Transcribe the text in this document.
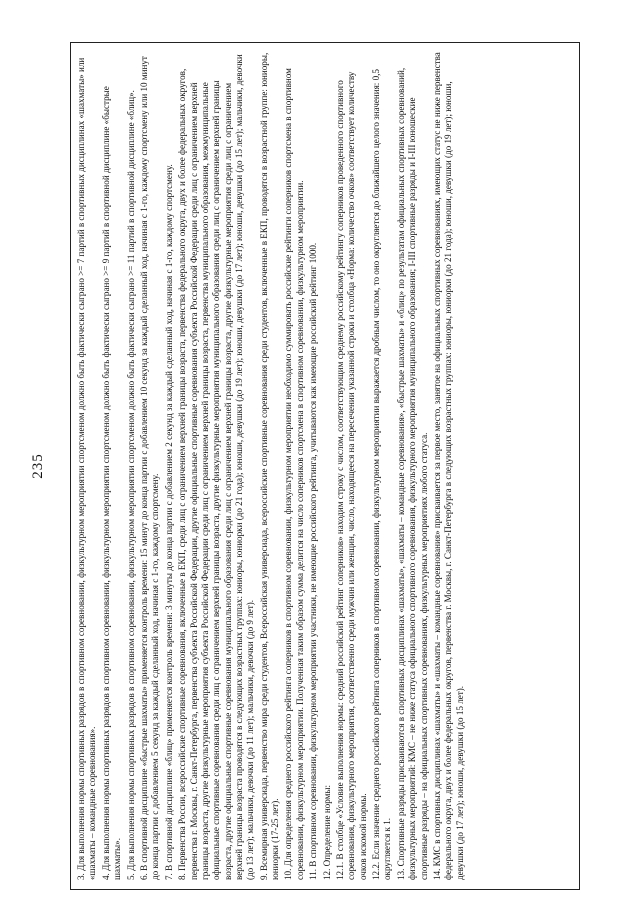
235	3. Для выполнения нормы спортивных разрядов в спортивном соревновании, физкультурном мероприятии спортсменом должно быть фактически сыграно >= 7 партий в спортивных дисциплинах «шахматы» или «шахматы – командные соревнования». 4. Для выполнения нормы спортивных разрядов в спортивном соревновании, физкультурном мероприятии спортсменом должно быть фактически сыграно >= 9 партий в спортивной дисциплине «быстрые шахматы». 5. Для выполнения нормы спортивных разрядов в спортивном соревновании, физкультурном мероприятии спортсменом должно быть фактически сыграно >= 11 партий в спортивной дисциплине «блиц». 6. В спортивной дисциплине «быстрые шахматы» применяется контроль времени: 15 минут до конца партии с добавлением 10 секунд за каждый сделанный ход, начиная с 1-го, каждому спортсмену или 10 минут до конца партии с добавлением 5 секунд за каждый сделанный ход, начиная с 1-го, каждому спортсмену. 7. В спортивной дисциплине «блиц» применяется контроль времени: 3 минуты до конца партии с добавлением 2 секунд за каждый сделанный ход, начиная с 1-го, каждому спортсмену. 8. Первенства России, всероссийские спортивные соревнования, включенные в ЕКП, среди лиц с ограничением верхней границы возраста, первенства федерального округа, двух и более федеральных округов, первенства г. Москвы, г. Санкт-Петербурга, первенства субъекта Российской Федерации, другие официальные спортивные соревнования субъекта Российской Федерации среди лиц с ограничением верхней границы возраста, другие физкультурные мероприятия субъекта Российской Федерации среди лиц с ограничением верхней границы возраста, первенства муниципального образования, межмуниципальные официальные спортивные соревнования среди лиц с ограничением верхней границы возраста, другие физкультурные мероприятия муниципального образования среди лиц с ограничением верхней границы возраста, другие официальные спортивные соревнования муниципального образования среди лиц с ограничением верхней границы возраста, другие физкультурные мероприятия среди лиц с ограничением верхней границы возраста проводятся в следующих возрастных группах: юниоры, юниорки (до 21 года); юноши, девушки (до 19 лет); юноши, девушки (до 17 лет); юноши, девушки (до 15 лет); мальчики, девочки (до 13 лет); мальчики, девочки (до 11 лет); мальчики, девочки (до 9 лет). 9. Всемирная универсиада, первенство мира среди студентов, Всероссийская универсиада, всероссийские спортивные соревнования среди студентов, включенные в ЕКП, проводятся в возрастной группе: юниоры, юниорки (17-25 лет). 10. Для определения среднего российского рейтинга соперников в спортивном соревновании, физкультурном мероприятии необходимо суммировать российские рейтинги соперников спортсмена в спортивном соревновании, физкультурном мероприятии. Полученная таким образом сумма делится на число соперников спортсмена в спортивном соревновании, физкультурном мероприятии. 11. В спортивном соревновании, физкультурном мероприятии участники, не имеющие российского рейтинга, учитываются как имеющие российский рейтинг 1000. 12. Определение нормы: 12.1. В столбце «Условие выполнения нормы: средний российский рейтинг соперников» находим строку с числом, соответствующим среднему российскому рейтингу соперников проведенного спортивного соревнования, физкультурного мероприятия, соответственно среди мужчин или женщин, число, находящееся на пересечении указанной строки и столбца «Норма: количество очков» соответствует количеству очков искомой нормы. 12.2. Если значение среднего российского рейтинга соперников в спортивном соревновании, физкультурном мероприятии выражается дробным числом, то оно округляется до ближайшего целого значения: 0,5 округляется к 1. 13. Спортивные разряды присваиваются в спортивных дисциплинах «шахматы», «шахматы – командные соревнования», «быстрые шахматы» и «блиц» по результатам официальных спортивных соревнований, физкультурных мероприятий: КМС – не ниже статуса официального спортивного соревнования, физкультурного мероприятия муниципального образования; I-III спортивные разряды и I-III юношеские спортивные разряды – на официальных спортивных соревнованиях, физкультурных мероприятиях любого статуса. 14. КМС в спортивных дисциплинах «шахматы» и «шахматы – командные соревнования» присваивается за первое место, занятое на официальных спортивных соревнованиях, имеющих статус не ниже первенства федерального округа, двух и более федеральных округов, первенства г. Москвы, г. Санкт-Петербурга в следующих возрастных группах: юниоры, юниорки (до 21 года); юноши, девушки (до 19 лет); юноши, девушки (до 17 лет); юноши, девушки (до 15 лет).
